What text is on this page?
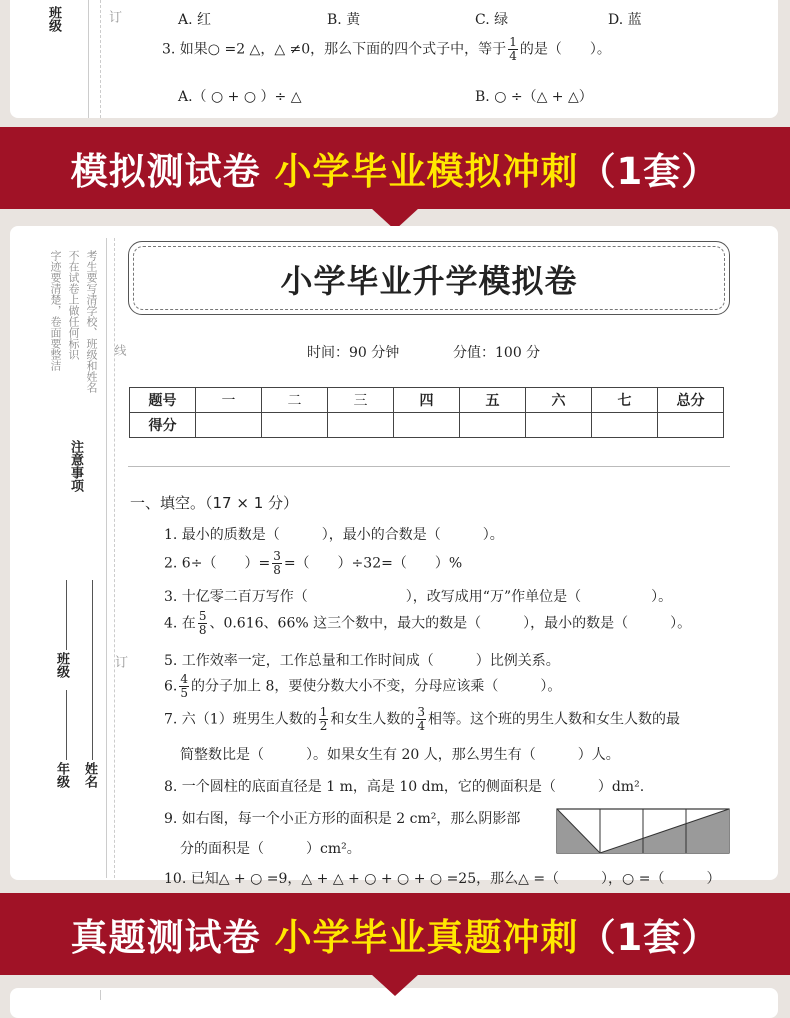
班级	订	A. 红	B. 黄	C. 绿	D. 蓝
3. 如果○ =2 △，△ ≠0，那么下面的四个式子中，等于 $\frac{1}{4}$ 的是（　　）。
A.（ ○ + ○ ）÷ △	B. ○ ÷（△ + △）
模拟测试卷 小学毕业模拟冲刺（1套）
考生要写清学校、班级和姓名
不在试卷上做任何标识
字迹要清楚，卷面要整洁
注意事项
线
订
班级
年级 姓名
小学毕业升学模拟卷
时间：90 分钟	分值：100 分
题号	一	二	三	四	五	六	七	总分
得分								
一、填空。（17 × 1 分）
1. 最小的质数是（　　　），最小的合数是（　　　）。
2. 6÷（　　）= $\frac{3}{8}$ =（　　）÷32=（　　）%
3. 十亿零二百万写作（　　　　　　　），改写成用“万”作单位是（　　　　　）。
4. 在 $\frac{5}{8}$ 、0.616、66% 这三个数中，最大的数是（　　　），最小的数是（　　　）。
5. 工作效率一定，工作总量和工作时间成（　　　）比例关系。
6. $\frac{4}{5}$ 的分子加上 8，要使分数大小不变，分母应该乘（　　　）。
7. 六（1）班男生人数的 $\frac{1}{2}$ 和女生人数的 $\frac{3}{4}$ 相等。这个班的男生人数和女生人数的最
简整数比是（　　　）。如果女生有 20 人，那么男生有（　　　）人。
8. 一个圆柱的底面直径是 1 m，高是 10 dm，它的侧面积是（　　　）dm².
9. 如右图，每一个小正方形的面积是 2 cm²，那么阴影部
分的面积是（　　　）cm²。
10. 已知△ + ○ =9，△ + △ + ○ + ○ + ○ =25，那么△ =（　　　），○ =（　　　）
真题测试卷 小学毕业真题冲刺（1套）
